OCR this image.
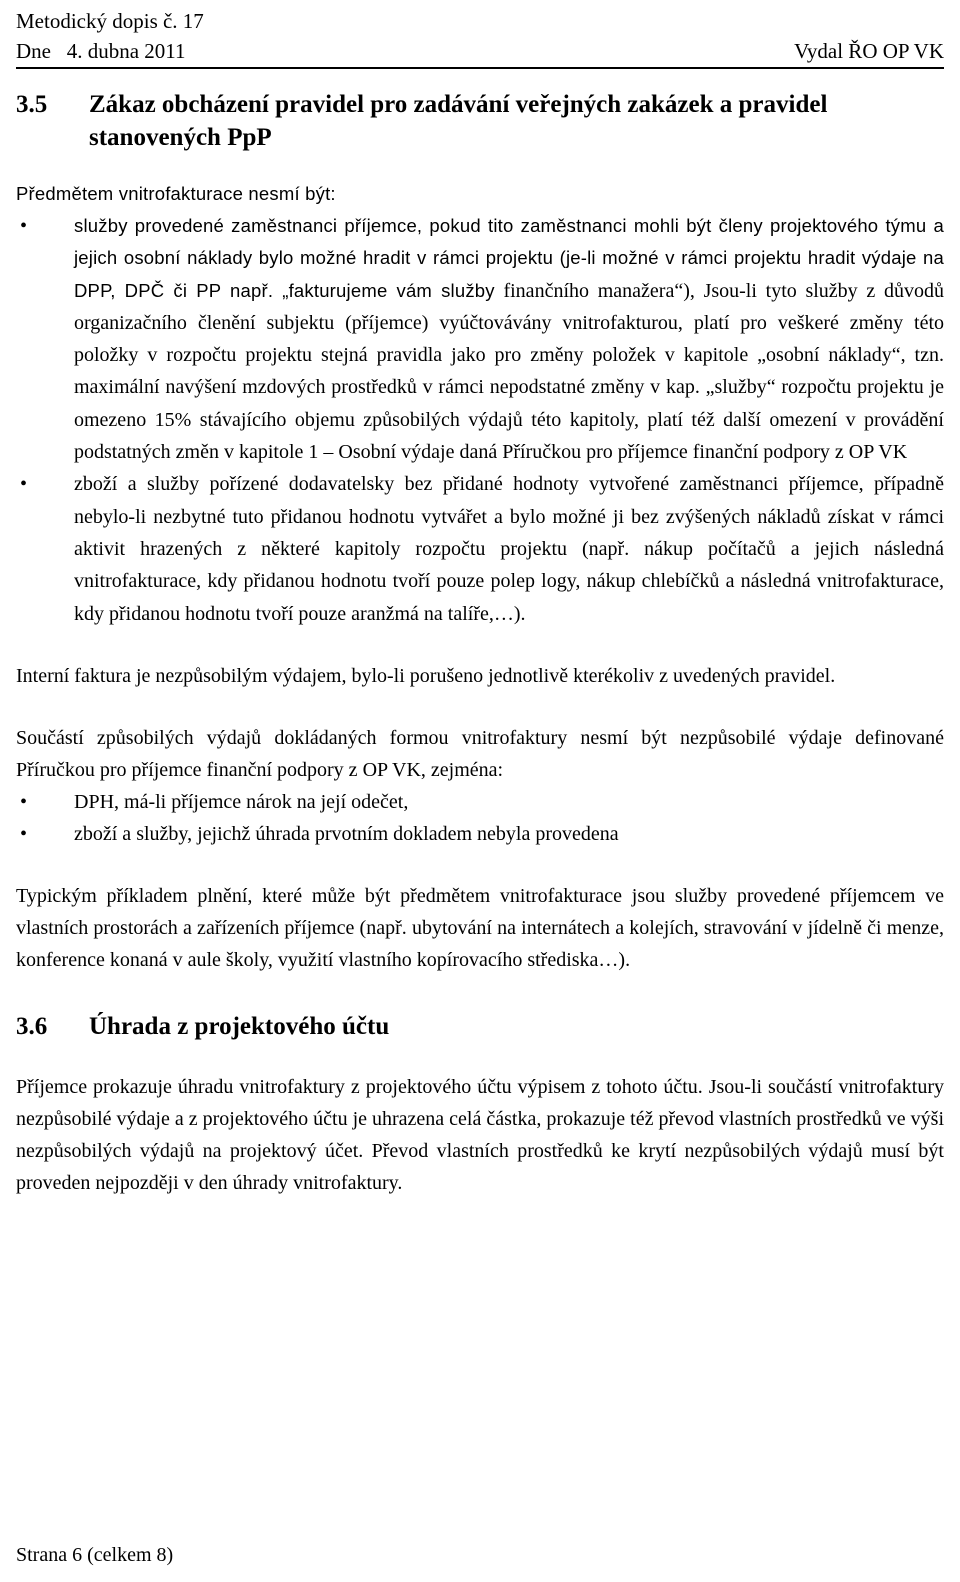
Metodický dopis č. 17
Dne   4. dubna 2011	Vydal ŘO OP VK
3.5	Zákaz obcházení pravidel pro zadávání veřejných zakázek a pravidel stanovených PpP

Předmětem vnitrofakturace nesmí být:

•	služby provedené zaměstnanci příjemce, pokud tito zaměstnanci mohli být členy projektového týmu a jejich osobní náklady bylo možné hradit v rámci projektu (je-li možné v rámci projektu hradit výdaje na DPP, DPČ či PP např. „fakturujeme vám služby finančního manažera“), Jsou-li tyto služby z důvodů organizačního členění subjektu (příjemce) vyúčtovávány vnitrofakturou, platí pro veškeré změny této položky v rozpočtu projektu stejná pravidla jako pro změny položek v kapitole „osobní náklady“, tzn. maximální navýšení mzdových prostředků v rámci nepodstatné změny v kap. „služby“ rozpočtu projektu je omezeno 15% stávajícího objemu způsobilých výdajů této kapitoly, platí též další omezení v provádění podstatných změn v kapitole 1 – Osobní výdaje daná Příručkou pro příjemce finanční podpory z OP VK
• zboží a služby pořízené dodavatelsky bez přidané hodnoty vytvořené zaměstnanci příjemce, případně nebylo-li nezbytné tuto přidanou hodnotu vytvářet a bylo možné ji bez zvýšených nákladů získat v rámci aktivit hrazených z některé kapitoly rozpočtu projektu (např. nákup počítačů a jejich následná vnitrofakturace, kdy přidanou hodnotu tvoří pouze polep logy, nákup chlebíčků a následná vnitrofakturace, kdy přidanou hodnotu tvoří pouze aranžmá na talíře,…).

Interní faktura je nezpůsobilým výdajem, bylo-li porušeno jednotlivě kterékoliv z uvedených pravidel.

Součástí způsobilých výdajů dokládaných formou vnitrofaktury nesmí být nezpůsobilé výdaje definované Příručkou pro příjemce finanční podpory z OP VK, zejména:

• DPH, má-li příjemce nárok na její odečet,
• zboží a služby, jejichž úhrada prvotním dokladem nebyla provedena

Typickým příkladem plnění, které může být předmětem vnitrofakturace jsou služby provedené příjemcem ve vlastních prostorách a zařízeních příjemce (např. ubytování na internátech a kolejích, stravování v jídelně či menze, konference konaná v aule školy, využití vlastního kopírovacího střediska…).

3.6	Úhrada z projektového účtu

Příjemce prokazuje úhradu vnitrofaktury z projektového účtu výpisem z tohoto účtu. Jsou-li součástí vnitrofaktury nezpůsobilé výdaje a z projektového účtu je uhrazena celá částka, prokazuje též převod vlastních prostředků ve výši nezpůsobilých výdajů na projektový účet. Převod vlastních prostředků ke krytí nezpůsobilých výdajů musí být proveden nejpozději v den úhrady vnitrofaktury.

Strana 6 (celkem 8)
